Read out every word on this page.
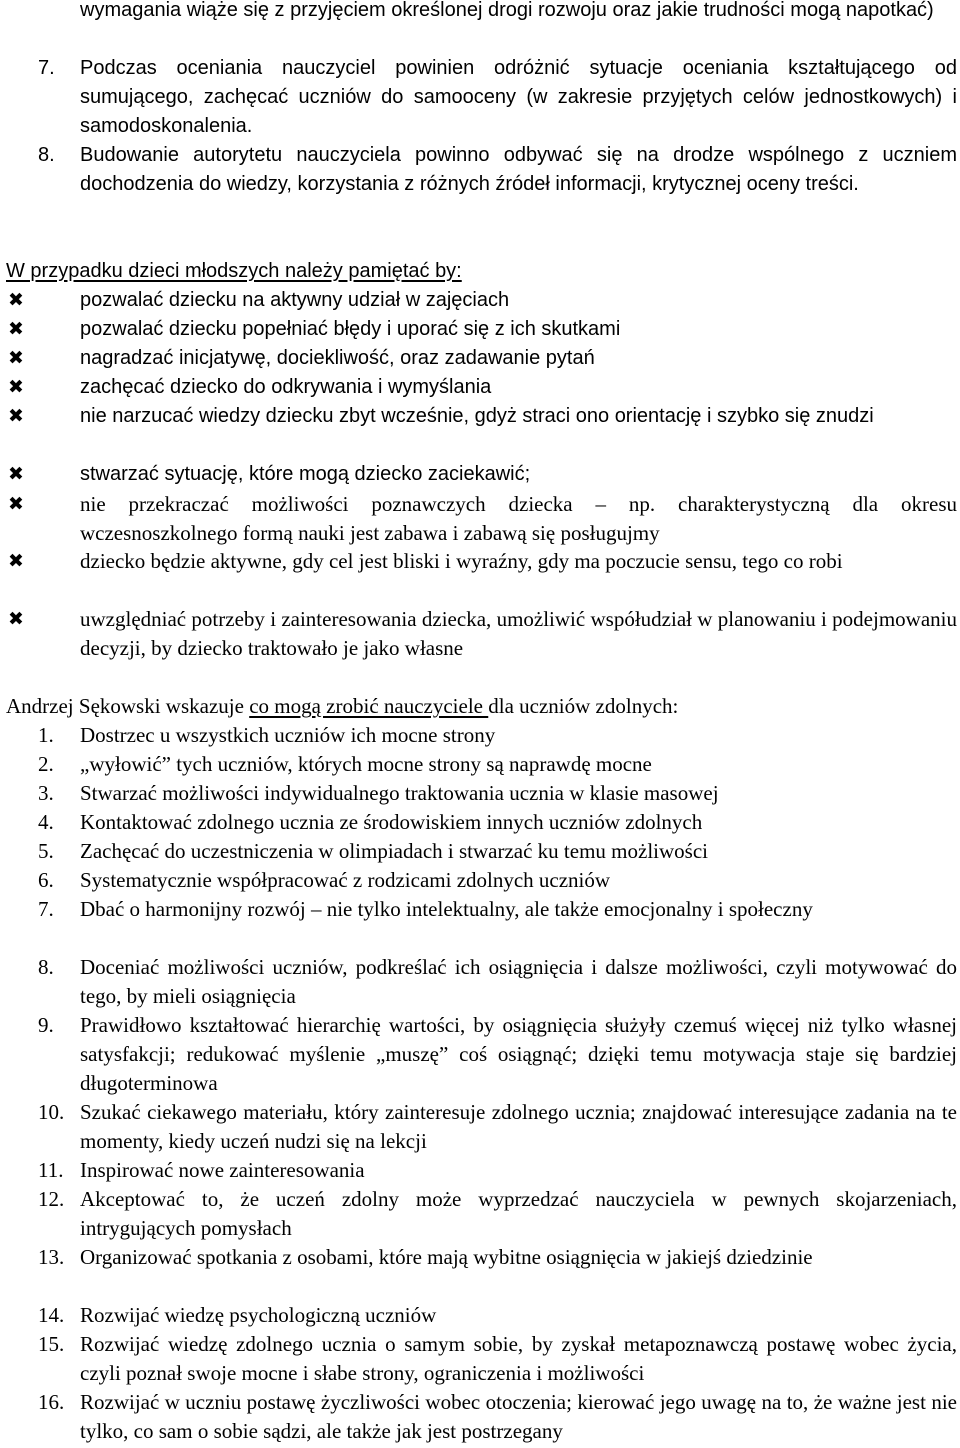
wymagania wiąże się z przyjęciem określonej drogi rozwoju oraz jakie trudności mogą napotkać)
7.	Podczas oceniania nauczyciel powinien odróżnić sytuacje oceniania kształtującego od sumującego, zachęcać uczniów do samooceny (w zakresie przyjętych celów jednostkowych) i samodoskonalenia.
8.	Budowanie autorytetu nauczyciela powinno odbywać się na drodze wspólnego z uczniem dochodzenia do wiedzy, korzystania z różnych źródeł informacji, krytycznej oceny treści.
W przypadku dzieci młodszych należy pamiętać by:
✖	pozwalać dziecku na aktywny udział w zajęciach
✖	pozwalać dziecku popełniać błędy i uporać się z ich skutkami
✖	nagradzać inicjatywę, dociekliwość, oraz zadawanie pytań
✖	zachęcać dziecko do odkrywania i wymyślania
✖	nie narzucać wiedzy dziecku zbyt wcześnie, gdyż straci ono orientację i szybko się znudzi
✖	stwarzać sytuację, które mogą dziecko zaciekawić;
✖	nie przekraczać możliwości poznawczych dziecka – np. charakterystyczną dla okresu wczesnoszkolnego formą nauki jest zabawa i zabawą się posługujmy
✖	dziecko będzie aktywne, gdy cel jest bliski i wyraźny, gdy ma poczucie sensu, tego co robi
✖	uwzględniać potrzeby i zainteresowania dziecka, umożliwić współudział w planowaniu i podejmowaniu decyzji, by dziecko traktowało je jako własne
Andrzej Sękowski wskazuje co mogą zrobić nauczyciele dla uczniów zdolnych:
1.	Dostrzec u wszystkich uczniów ich mocne strony
2.	„wyłowić” tych uczniów, których mocne strony są naprawdę mocne
3.	Stwarzać możliwości indywidualnego traktowania ucznia w klasie masowej
4.	Kontaktować zdolnego ucznia ze środowiskiem innych uczniów zdolnych
5.	Zachęcać do uczestniczenia w olimpiadach i stwarzać ku temu możliwości
6.	Systematycznie współpracować z rodzicami zdolnych uczniów
7.	Dbać o harmonijny rozwój – nie tylko intelektualny, ale także emocjonalny i społeczny
8.	Doceniać możliwości uczniów, podkreślać ich osiągnięcia i dalsze możliwości, czyli motywować do tego, by mieli osiągnięcia
9.	Prawidłowo kształtować hierarchię wartości, by osiągnięcia służyły czemuś więcej niż tylko własnej satysfakcji; redukować myślenie „muszę” coś osiągnąć; dzięki temu motywacja staje się bardziej długoterminowa
10. Szukać ciekawego materiału, który zainteresuje zdolnego ucznia; znajdować interesujące zadania na te momenty, kiedy uczeń nudzi się na lekcji
11. Inspirować nowe zainteresowania
12. Akceptować to, że uczeń zdolny może wyprzedzać nauczyciela w pewnych skojarzeniach, intrygujących pomysłach
13. Organizować spotkania z osobami, które mają wybitne osiągnięcia w jakiejś dziedzinie
14. Rozwijać wiedzę psychologiczną uczniów
15. Rozwijać wiedzę zdolnego ucznia o samym sobie, by zyskał metapoznawczą postawę wobec życia, czyli poznał swoje mocne i słabe strony, ograniczenia i możliwości
16. Rozwijać w uczniu postawę życzliwości wobec otoczenia; kierować jego uwagę na to, że ważne jest nie tylko, co sam o sobie sądzi, ale także jak jest postrzegany
